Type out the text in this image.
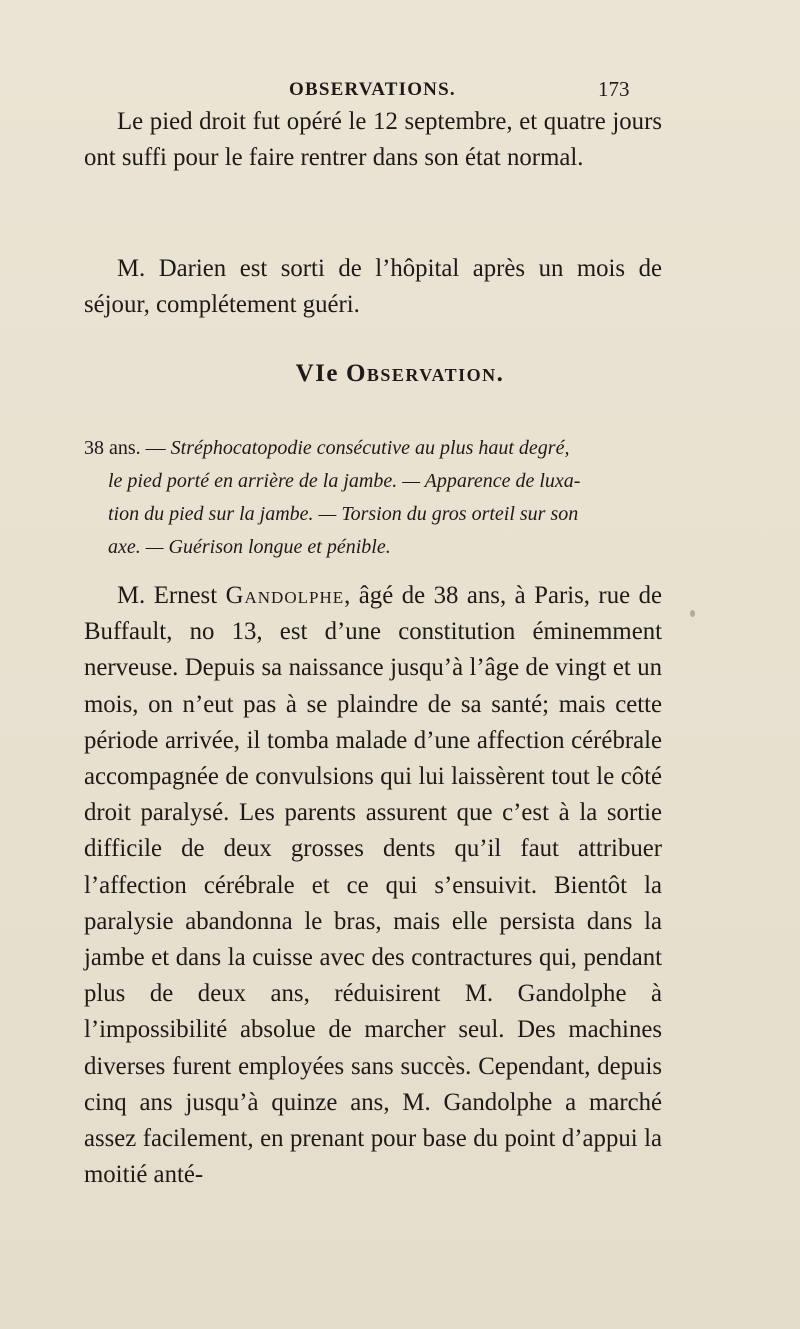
OBSERVATIONS.	173

Le pied droit fut opéré le 12 septembre, et quatre jours ont suffi pour le faire rentrer dans son état normal.

M. Darien est sorti de l’hôpital après un mois de séjour, complétement guéri.

VIe Observation.

38 ans. — Stréphocatopodie consécutive au plus haut degré,
le pied porté en arrière de la jambe. — Apparence de luxa-
tion du pied sur la jambe. — Torsion du gros orteil sur son
axe. — Guérison longue et pénible.

M. Ernest Gandolphe, âgé de 38 ans, à Paris, rue de Buffault, no 13, est d’une constitution éminemment nerveuse. Depuis sa naissance jusqu’à l’âge de vingt et un mois, on n’eut pas à se plaindre de sa santé; mais cette période arrivée, il tomba malade d’une affection cérébrale accompagnée de convulsions qui lui laissèrent tout le côté droit paralysé. Les parents assurent que c’est à la sortie difficile de deux grosses dents qu’il faut attribuer l’affection cérébrale et ce qui s’ensuivit. Bientôt la paralysie abandonna le bras, mais elle persista dans la jambe et dans la cuisse avec des contractures qui, pendant plus de deux ans, réduisirent M. Gandolphe à l’impossibilité absolue de marcher seul. Des machines diverses furent employées sans succès. Cependant, depuis cinq ans jusqu’à quinze ans, M. Gandolphe a marché assez facilement, en prenant pour base du point d’appui la moitié anté-
